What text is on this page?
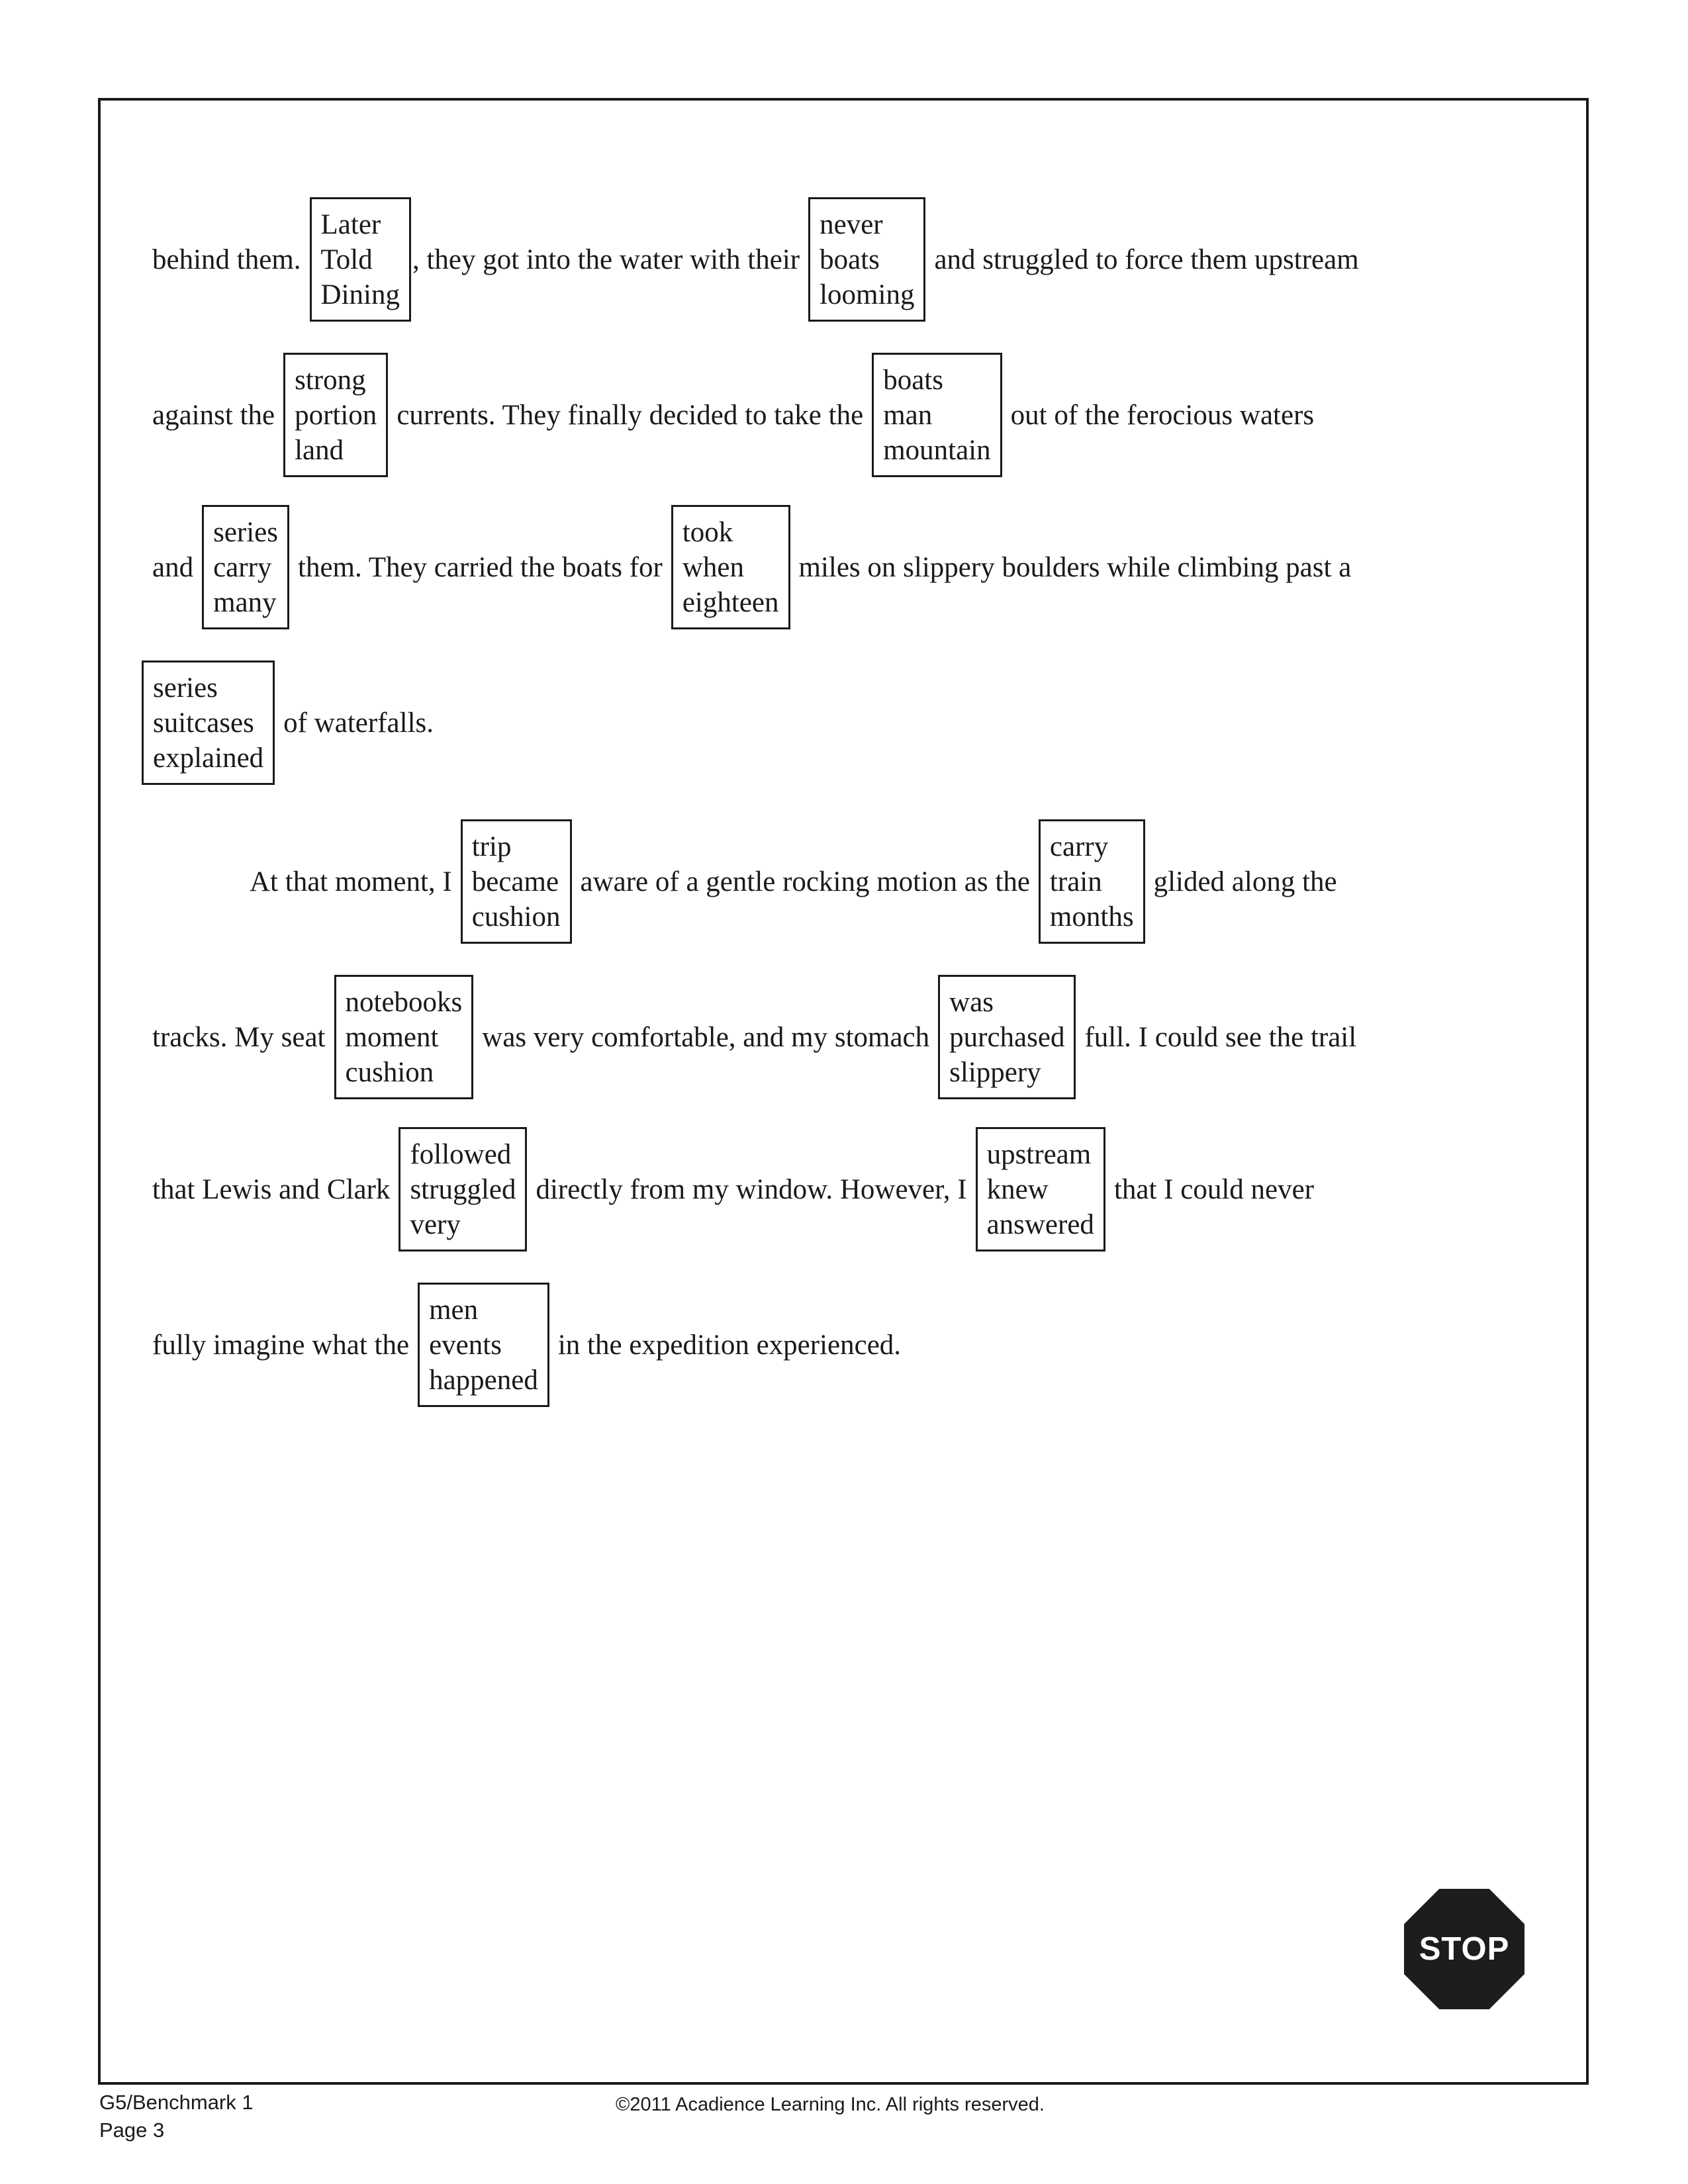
STOP
behind them.
Later
Told
Dining
, they got into the water with their
never
boats
looming
and struggled to force them upstream
against the
strong
portion
land
currents. They finally decided to take the
boats
man
mountain
out of the ferocious waters
and
series
carry
many
them. They carried the boats for
took
when
eighteen
miles on slippery boulders while climbing past a
series
suitcases
explained
of waterfalls.
At that moment, I
trip
became
cushion
aware of a gentle rocking motion as the
carry
train
months
glided along the
tracks. My seat
notebooks
moment
cushion
was very comfortable, and my stomach
was
purchased
slippery
full. I could see the trail
that Lewis and Clark
followed
struggled
very
directly from my window. However, I
upstream
knew
answered
that I could never
fully imagine what the
men
events
happened
in the expedition experienced.
G5/Benchmark 1
Page 3
©2011 Acadience Learning Inc. All rights reserved.
